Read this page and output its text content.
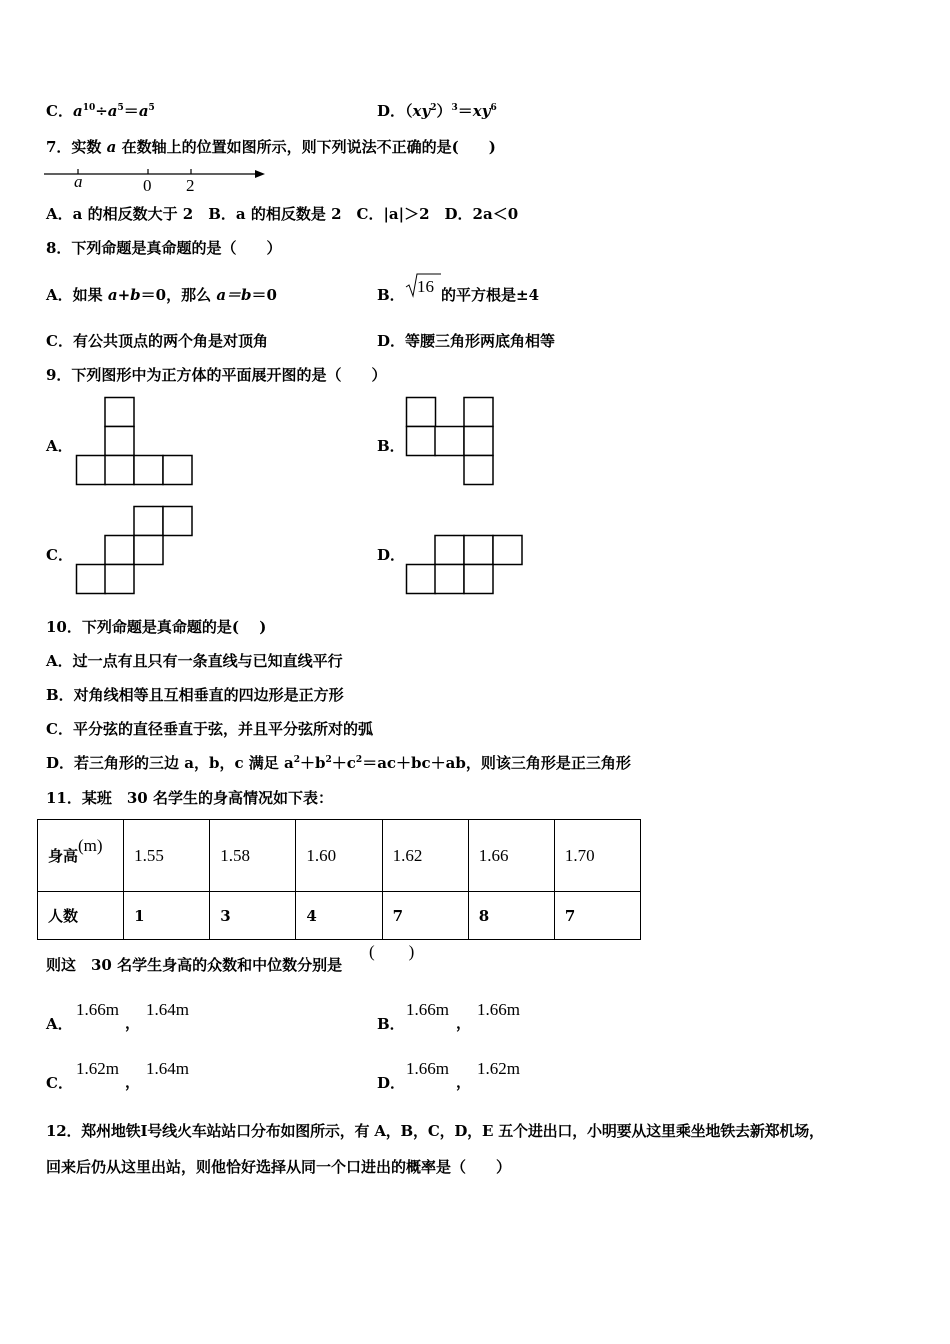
C．$a^{10}\div a^5=a^5$	D．$(xy^2)^3=xy^6$
7．实数 a 在数轴上的位置如图所示，则下列说法不正确的是(　　)
a	0 2
A．a 的相反数大于 2　B．a 的相反数是 2　C．|a|＞2　D．2a＜0
8．下列命题是真命题的是（　　）
A．如果 a+b＝0，那么 a＝b＝0	B． 16 的平方根是±4
C．有公共顶点的两个角是对顶角	D．等腰三角形两底角相等
9．下列图形中为正方体的平面展开图的是（　　）
A．	B．
C．	D．
10．下列命题是真命题的是(　 )
A．过一点有且只有一条直线与已知直线平行
B．对角线相等且互相垂直的四边形是正方形
C．平分弦的直径垂直于弦，并且平分弦所对的弧
D．若三角形的三边 a，b，c 满足 $a^2+b^2+c^2=ac+bc+ab$，则该三角形是正三角形
11．某班　30 名学生的身高情况如下表：
身高(m)	1.55	1.58	1.60	1.62	1.66	1.70
人数	1	3	4	7	8	7
则这　30 名学生身高的众数和中位数分别是
(　　)
A．
1.66m
，
1.64m
B．
1.66m
，
1.66m
C．
1.62m
，
1.64m
D．
1.66m
，
1.62m
12．郑州地铁Ⅰ号线火车站站口分布如图所示，有 A，B，C，D，E 五个进出口，小明要从这里乘坐地铁去新郑机场，
回来后仍从这里出站，则他恰好选择从同一个口进出的概率是（　　）
